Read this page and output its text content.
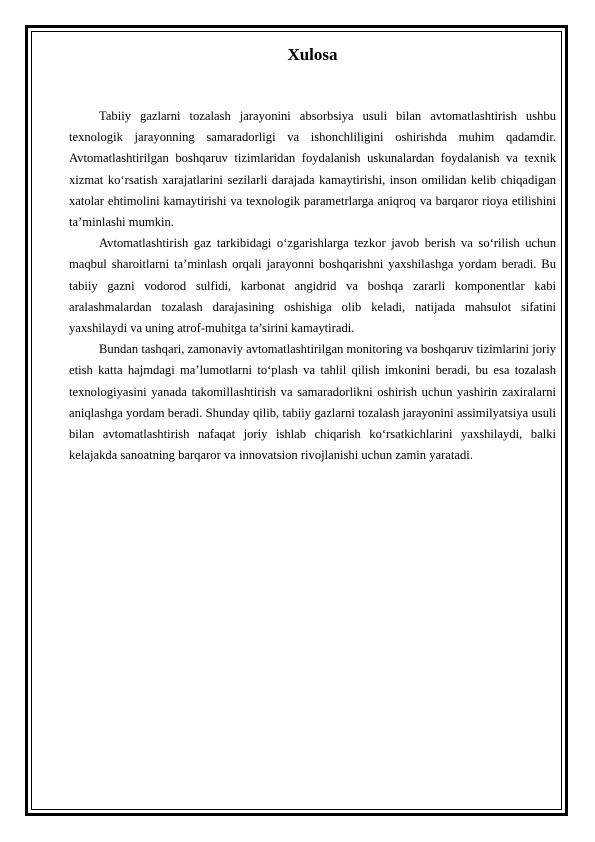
Xulosa

Tabiiy gazlarni tozalash jarayonini absorbsiya usuli bilan avtomatlashtirish ushbu texnologik jarayonning samaradorligi va ishonchliligini oshirishda muhim qadamdir. Avtomatlashtirilgan boshqaruv tizimlaridan foydalanish uskunalardan foydalanish va texnik xizmat ko‘rsatish xarajatlarini sezilarli darajada kamaytirishi, inson omilidan kelib chiqadigan xatolar ehtimolini kamaytirishi va texnologik parametrlarga aniqroq va barqaror rioya etilishini ta’minlashi mumkin.

Avtomatlashtirish gaz tarkibidagi o‘zgarishlarga tezkor javob berish va so‘rilish uchun maqbul sharoitlarni ta’minlash orqali jarayonni boshqarishni yaxshilashga yordam beradi. Bu tabiiy gazni vodorod sulfidi, karbonat angidrid va boshqa zararli komponentlar kabi aralashmalardan tozalash darajasining oshishiga olib keladi, natijada mahsulot sifatini yaxshilaydi va uning atrof-muhitga ta’sirini kamaytiradi.

Bundan tashqari, zamonaviy avtomatlashtirilgan monitoring va boshqaruv tizimlarini joriy etish katta hajmdagi ma’lumotlarni to‘plash va tahlil qilish imkonini beradi, bu esa tozalash texnologiyasini yanada takomillashtirish va samaradorlikni oshirish uchun yashirin zaxiralarni aniqlashga yordam beradi. Shunday qilib, tabiiy gazlarni tozalash jarayonini assimilyatsiya usuli bilan avtomatlashtirish nafaqat joriy ishlab chiqarish ko‘rsatkichlarini yaxshilaydi, balki kelajakda sanoatning barqaror va innovatsion rivojlanishi uchun zamin yaratadi.
